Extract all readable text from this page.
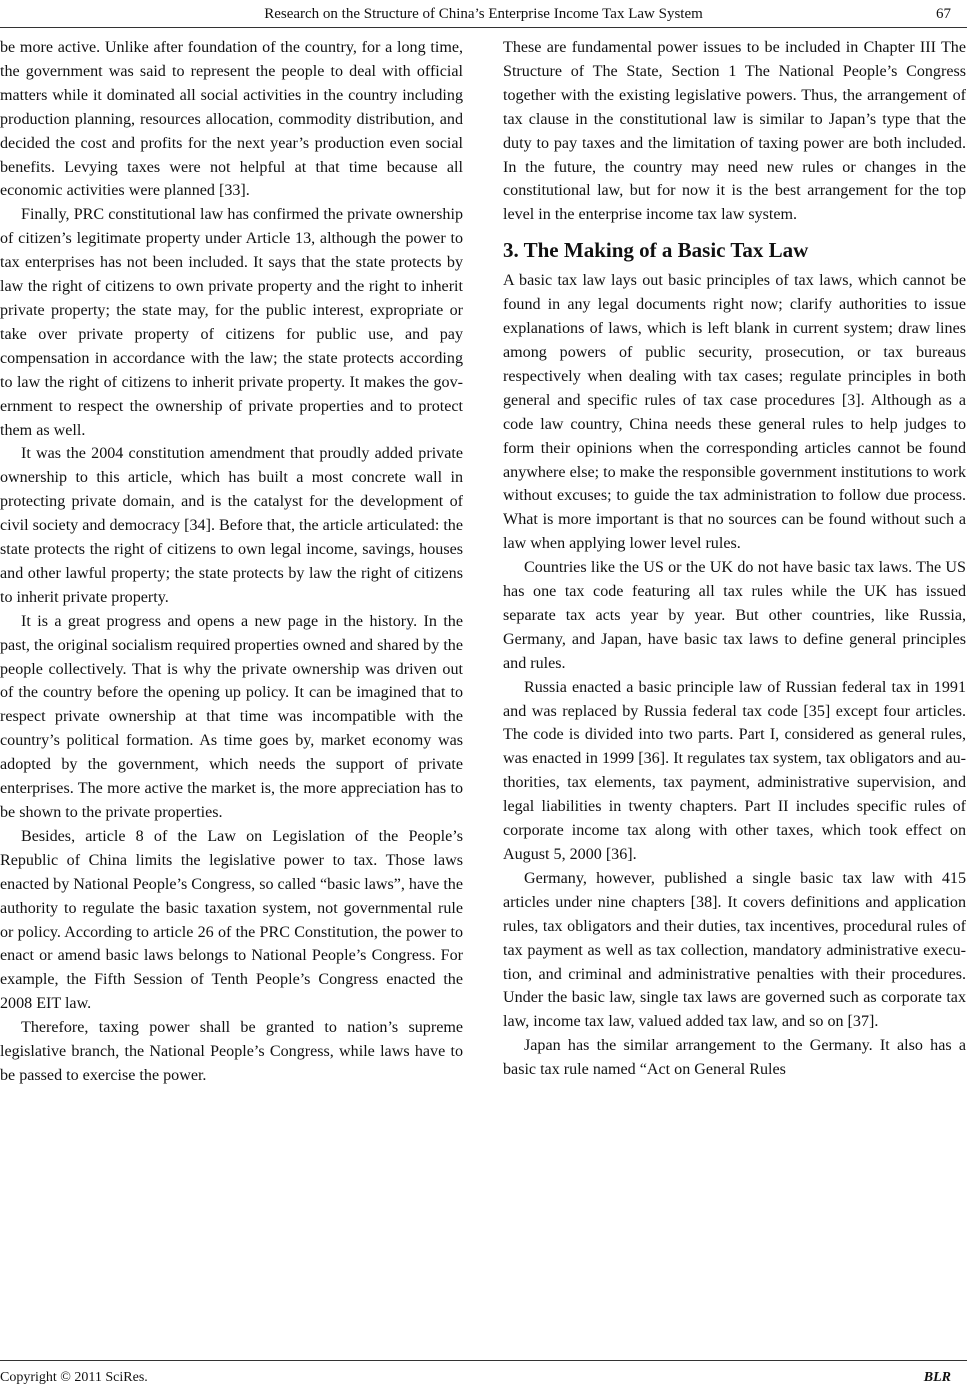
Research on the Structure of China’s Enterprise Income Tax Law System	67

be more active. Unlike after foundation of the country, for a long time, the government was said to represent the people to deal with official matters while it dominated all social activities in the country including production planning, resources allocation, commodity distribution, and decided the cost and profits for the next year’s production even social benefits. Levying taxes were not helpful at that time because all economic activities were planned [33].

Finally, PRC constitutional law has confirmed the private ownership of citizen’s legitimate property under Article 13, although the power to tax enterprises has not been included. It says that the state protects by law the right of citizens to own private property and the right to inherit private property; the state may, for the public interest, expropriate or take over private property of citizens for public use, and pay compensation in accordance with the law; the state protects according to law the right of citizens to inherit private property. It makes the government to respect the ownership of private properties and to protect them as well.

It was the 2004 constitution amendment that proudly added private ownership to this article, which has built a most concrete wall in protecting private domain, and is the catalyst for the development of civil society and democracy [34]. Before that, the article articulated: the state protects the right of citizens to own legal income, savings, houses and other lawful property; the state protects by law the right of citizens to inherit private property.

It is a great progress and opens a new page in the history. In the past, the original socialism required properties owned and shared by the people collectively. That is why the private ownership was driven out of the country before the opening up policy. It can be imagined that to respect private ownership at that time was incompatible with the country’s political formation. As time goes by, market economy was adopted by the government, which needs the support of private enterprises. The more active the market is, the more appreciation has to be shown to the private properties.

Besides, article 8 of the Law on Legislation of the People’s Republic of China limits the legislative power to tax. Those laws enacted by National People’s Congress, so called “basic laws”, have the authority to regulate the basic taxation system, not governmental rule or policy. According to article 26 of the PRC Constitution, the power to enact or amend basic laws belongs to National People’s Congress. For example, the Fifth Session of Tenth People’s Congress enacted the 2008 EIT law.

Therefore, taxing power shall be granted to nation’s supreme legislative branch, the National People’s Congress, while laws have to be passed to exercise the power.

These are fundamental power issues to be included in Chapter III The Structure of The State, Section 1 The National People’s Congress together with the existing legislative powers. Thus, the arrangement of tax clause in the constitutional law is similar to Japan’s type that the duty to pay taxes and the limitation of taxing power are both included. In the future, the country may need new rules or changes in the constitutional law, but for now it is the best arrangement for the top level in the enterprise income tax law system.

3. The Making of a Basic Tax Law

A basic tax law lays out basic principles of tax laws, which cannot be found in any legal documents right now; clarify authorities to issue explanations of laws, which is left blank in current system; draw lines among powers of public security, prosecution, or tax bureaus respectively when dealing with tax cases; regulate principles in both general and specific rules of tax case procedures [3]. Although as a code law country, China needs these general rules to help judges to form their opinions when the corresponding articles cannot be found anywhere else; to make the responsible government institutions to work without excuses; to guide the tax administration to follow due process. What is more important is that no sources can be found without such a law when applying lower level rules.

Countries like the US or the UK do not have basic tax laws. The US has one tax code featuring all tax rules while the UK has issued separate tax acts year by year. But other countries, like Russia, Germany, and Japan, have basic tax laws to define general principles and rules.

Russia enacted a basic principle law of Russian federal tax in 1991 and was replaced by Russia federal tax code [35] except four articles. The code is divided into two parts. Part I, considered as general rules, was enacted in 1999 [36]. It regulates tax system, tax obligators and authorities, tax elements, tax payment, administrative supervision, and legal liabilities in twenty chapters. Part II includes specific rules of corporate income tax along with other taxes, which took effect on August 5, 2000 [36].

Germany, however, published a single basic tax law with 415 articles under nine chapters [38]. It covers definitions and application rules, tax obligators and their duties, tax incentives, procedural rules of tax payment as well as tax collection, mandatory administrative execution, and criminal and administrative penalties with their procedures. Under the basic law, single tax laws are governed such as corporate tax law, income tax law, valued added tax law, and so on [37].

Japan has the similar arrangement to the Germany. It also has a basic tax rule named “Act on General Rules

Copyright © 2011 SciRes.	BLR
